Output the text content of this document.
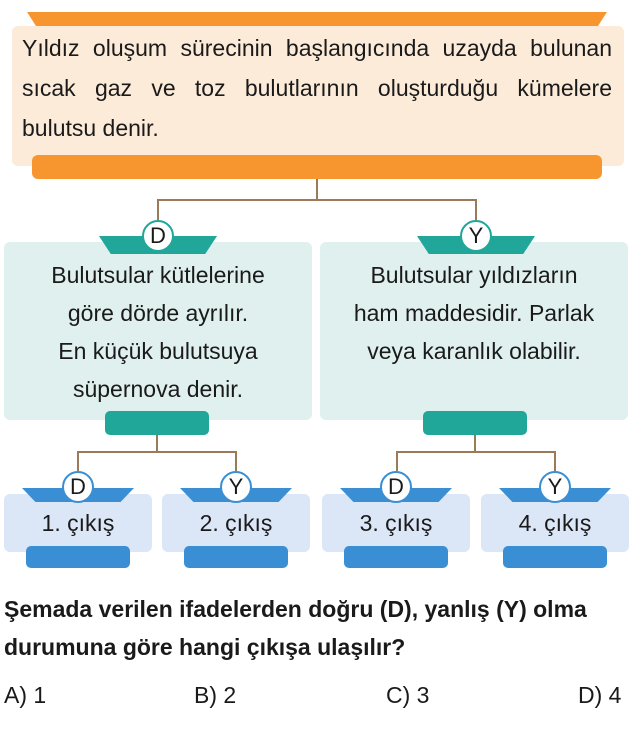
Yıldız oluşum sürecinin başlangıcında uzayda bulunan sıcak gaz ve toz bulutlarının oluşturduğu kümelere bulutsu denir.
D
Bulutsular kütlelerine
göre dörde ayrılır.
En küçük bulutsuya
süpernova denir.
Y
Bulutsular yıldızların
ham maddesidir. Parlak
veya karanlık olabilir.
D
1. çıkış
Y
2. çıkış
D
3. çıkış
Y
4. çıkış
Şemada verilen ifadelerden doğru (D), yanlış (Y) olma durumuna göre hangi çıkışa ulaşılır?
A) 1	B) 2	C) 3	D) 4
